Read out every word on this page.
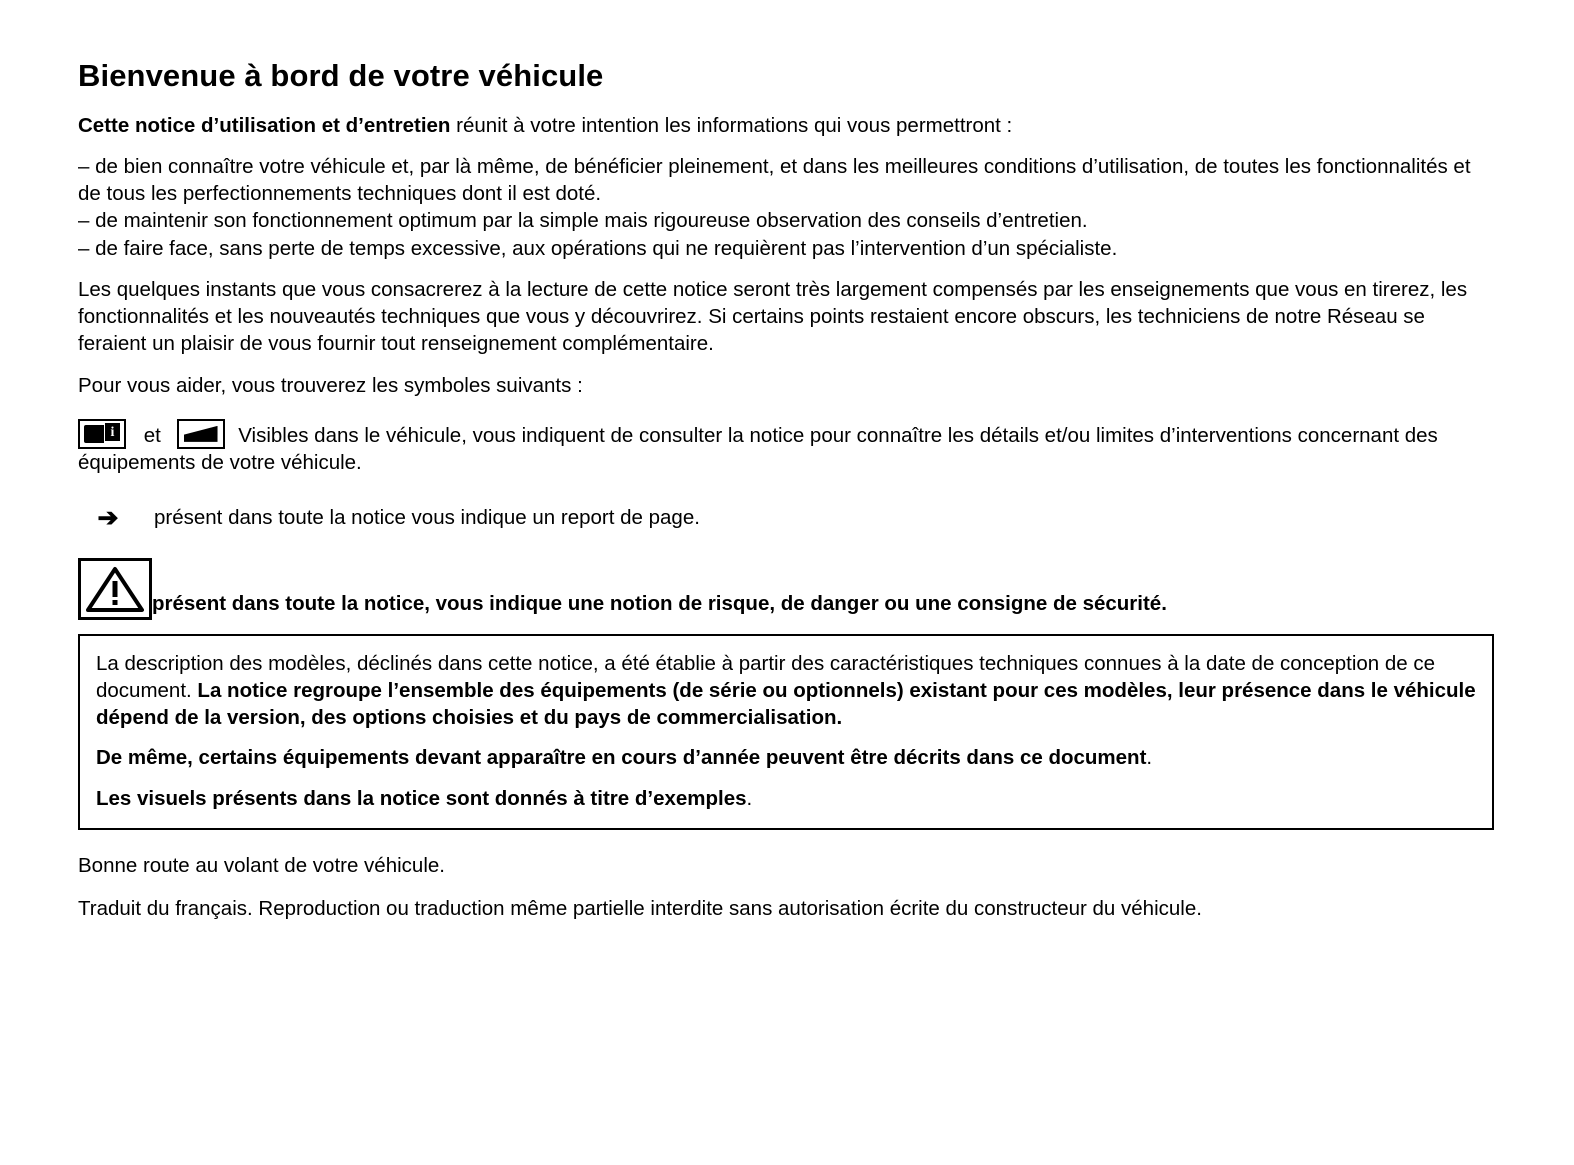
Bienvenue à bord de votre véhicule

Cette notice d’utilisation et d’entretien réunit à votre intention les informations qui vous permettront :

– de bien connaître votre véhicule et, par là même, de bénéficier pleinement, et dans les meilleures conditions d’utilisation, de toutes les fonctionnalités et de tous les perfectionnements techniques dont il est doté.

– de maintenir son fonctionnement optimum par la simple mais rigoureuse observation des conseils d’entretien.

– de faire face, sans perte de temps excessive, aux opérations qui ne requièrent pas l’intervention d’un spécialiste.

Les quelques instants que vous consacrerez à la lecture de cette notice seront très largement compensés par les enseignements que vous en tirerez, les fonctionnalités et les nouveautés techniques que vous y découvrirez. Si certains points restaient encore obscurs, les techniciens de notre Réseau se feraient un plaisir de vous fournir tout renseignement complémentaire.

Pour vous aider, vous trouverez les symboles suivants :

i et	Visibles dans le véhicule, vous indiquent de consulter la notice pour connaître les détails et/ou limites d’interventions concernant des équipements de votre véhicule.

➔	présent dans toute la notice vous indique un report de page.
présent dans toute la notice, vous indique une notion de risque, de danger ou une consigne de sécurité.

La description des modèles, déclinés dans cette notice, a été établie à partir des caractéristiques techniques connues à la date de conception de ce document. La notice regroupe l’ensemble des équipements (de série ou optionnels) existant pour ces modèles, leur présence dans le véhicule dépend de la version, des options choisies et du pays de commercialisation.

De même, certains équipements devant apparaître en cours d’année peuvent être décrits dans ce document.

Les visuels présents dans la notice sont donnés à titre d’exemples.

Bonne route au volant de votre véhicule.

Traduit du français. Reproduction ou traduction même partielle interdite sans autorisation écrite du constructeur du véhicule.
